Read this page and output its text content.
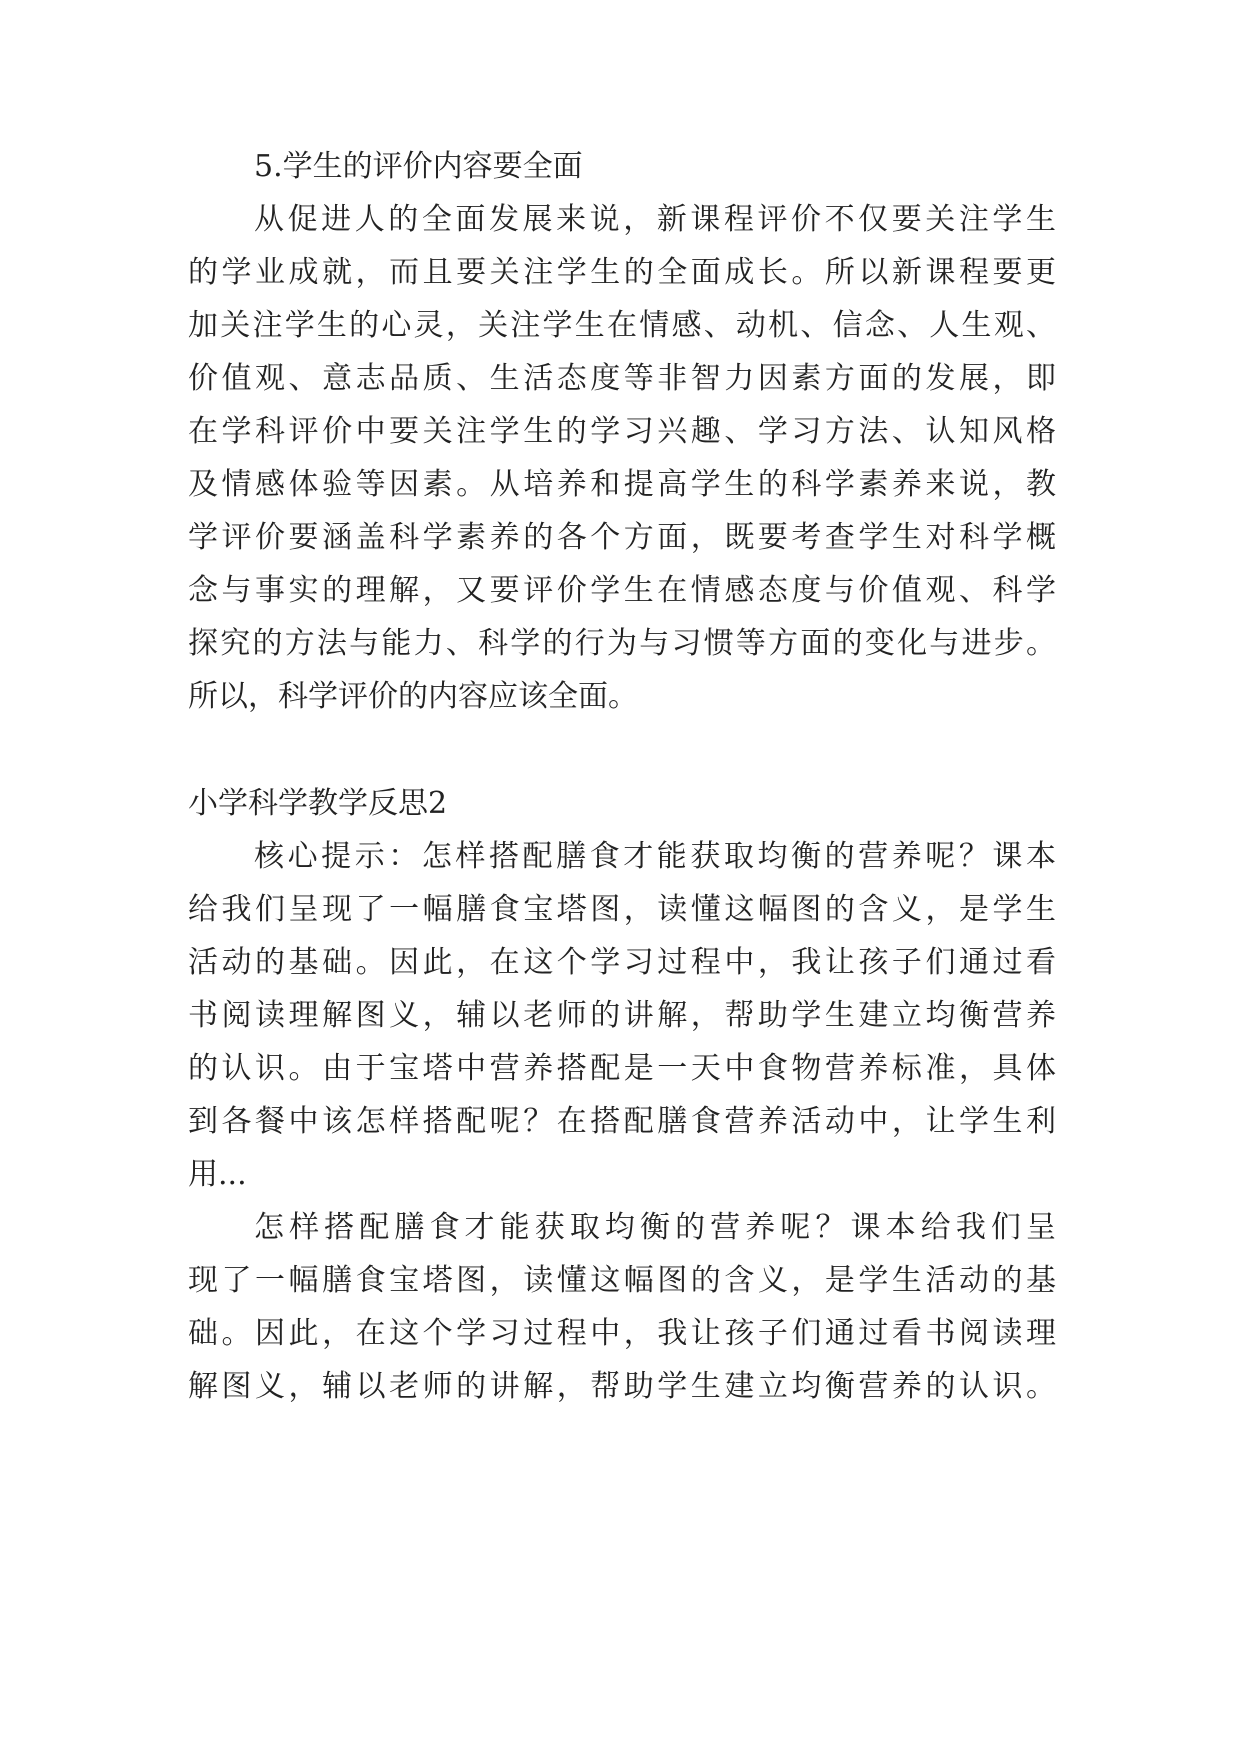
5.学生的评价内容要全面

从促进人的全面发展来说，新课程评价不仅要关注学生

的学业成就，而且要关注学生的全面成长。所以新课程要更

加关注学生的心灵，关注学生在情感、动机、信念、人生观、

价值观、意志品质、生活态度等非智力因素方面的发展，即

在学科评价中要关注学生的学习兴趣、学习方法、认知风格

及情感体验等因素。从培养和提高学生的科学素养来说，教

学评价要涵盖科学素养的各个方面，既要考查学生对科学概

念与事实的理解，又要评价学生在情感态度与价值观、科学

探究的方法与能力、科学的行为与习惯等方面的变化与进步。

所以，科学评价的内容应该全面。

小学科学教学反思2

核心提示：怎样搭配膳食才能获取均衡的营养呢？课本

给我们呈现了一幅膳食宝塔图，读懂这幅图的含义，是学生

活动的基础。因此，在这个学习过程中，我让孩子们通过看

书阅读理解图义，辅以老师的讲解，帮助学生建立均衡营养

的认识。由于宝塔中营养搭配是一天中食物营养标准，具体

到各餐中该怎样搭配呢？在搭配膳食营养活动中，让学生利

用...

怎样搭配膳食才能获取均衡的营养呢？课本给我们呈

现了一幅膳食宝塔图，读懂这幅图的含义，是学生活动的基

础。因此，在这个学习过程中，我让孩子们通过看书阅读理

解图义，辅以老师的讲解，帮助学生建立均衡营养的认识。
